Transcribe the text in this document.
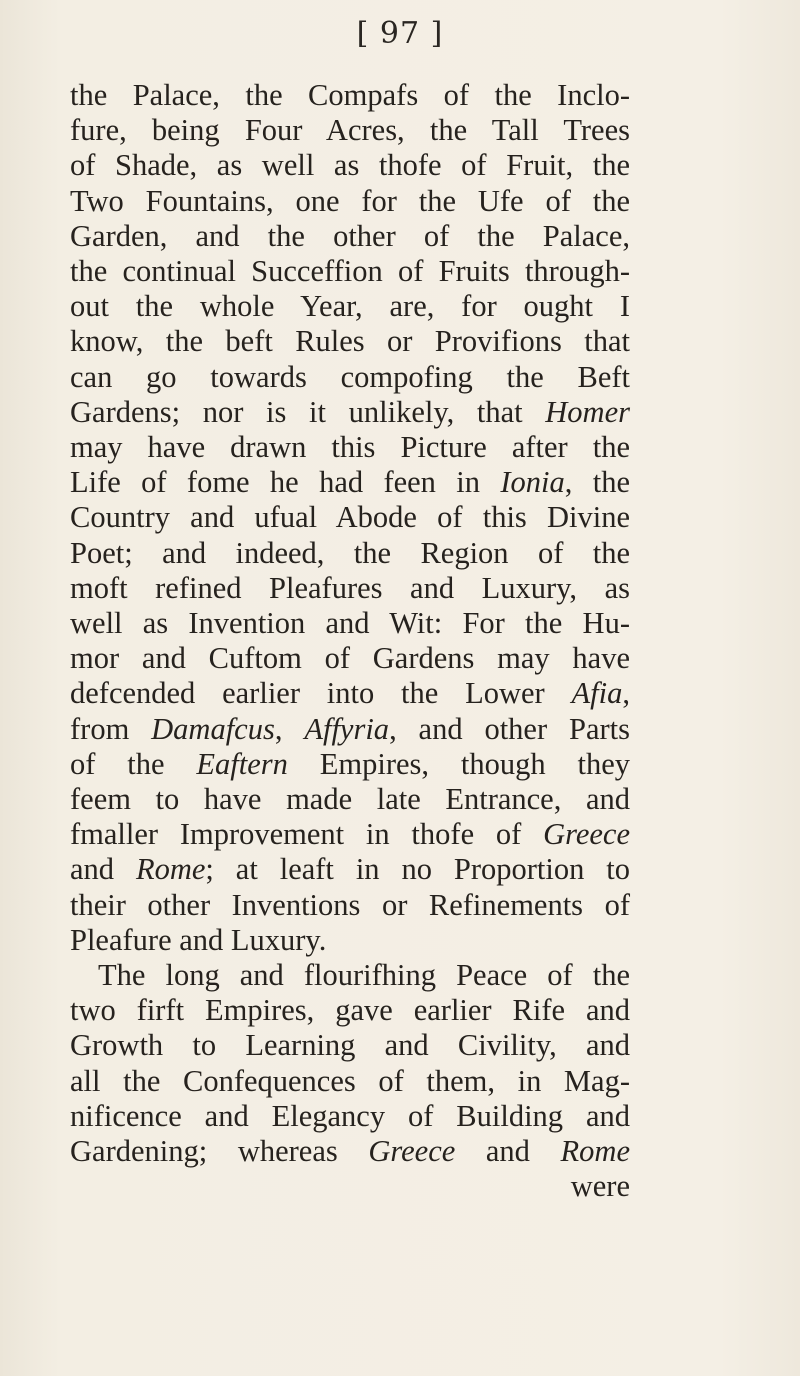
[ 97 ]
the Palace, the Compafs of the Inclo-
fure, being Four Acres, the Tall Trees
of Shade, as well as thofe of Fruit, the
Two Fountains, one for the Ufe of the
Garden, and the other of the Palace,
the continual Succeffion of Fruits through-
out the whole Year, are, for ought I
know, the beft Rules or Provifions that
can go towards compofing the Beft
Gardens; nor is it unlikely, that Homer
may have drawn this Picture after the
Life of fome he had feen in Ionia, the
Country and ufual Abode of this Divine
Poet; and indeed, the Region of the
moft refined Pleafures and Luxury, as
well as Invention and Wit: For the Hu-
mor and Cuftom of Gardens may have
defcended earlier into the Lower Afia,
from Damafcus, Affyria, and other Parts
of the Eaftern Empires, though they
feem to have made late Entrance, and
fmaller Improvement in thofe of Greece
and Rome; at leaft in no Proportion to
their other Inventions or Refinements of
Pleafure and Luxury.
The long and flourifhing Peace of the
two firft Empires, gave earlier Rife and
Growth to Learning and Civility, and
all the Confequences of them, in Mag-
nificence and Elegancy of Building and
Gardening; whereas Greece and Rome
were
